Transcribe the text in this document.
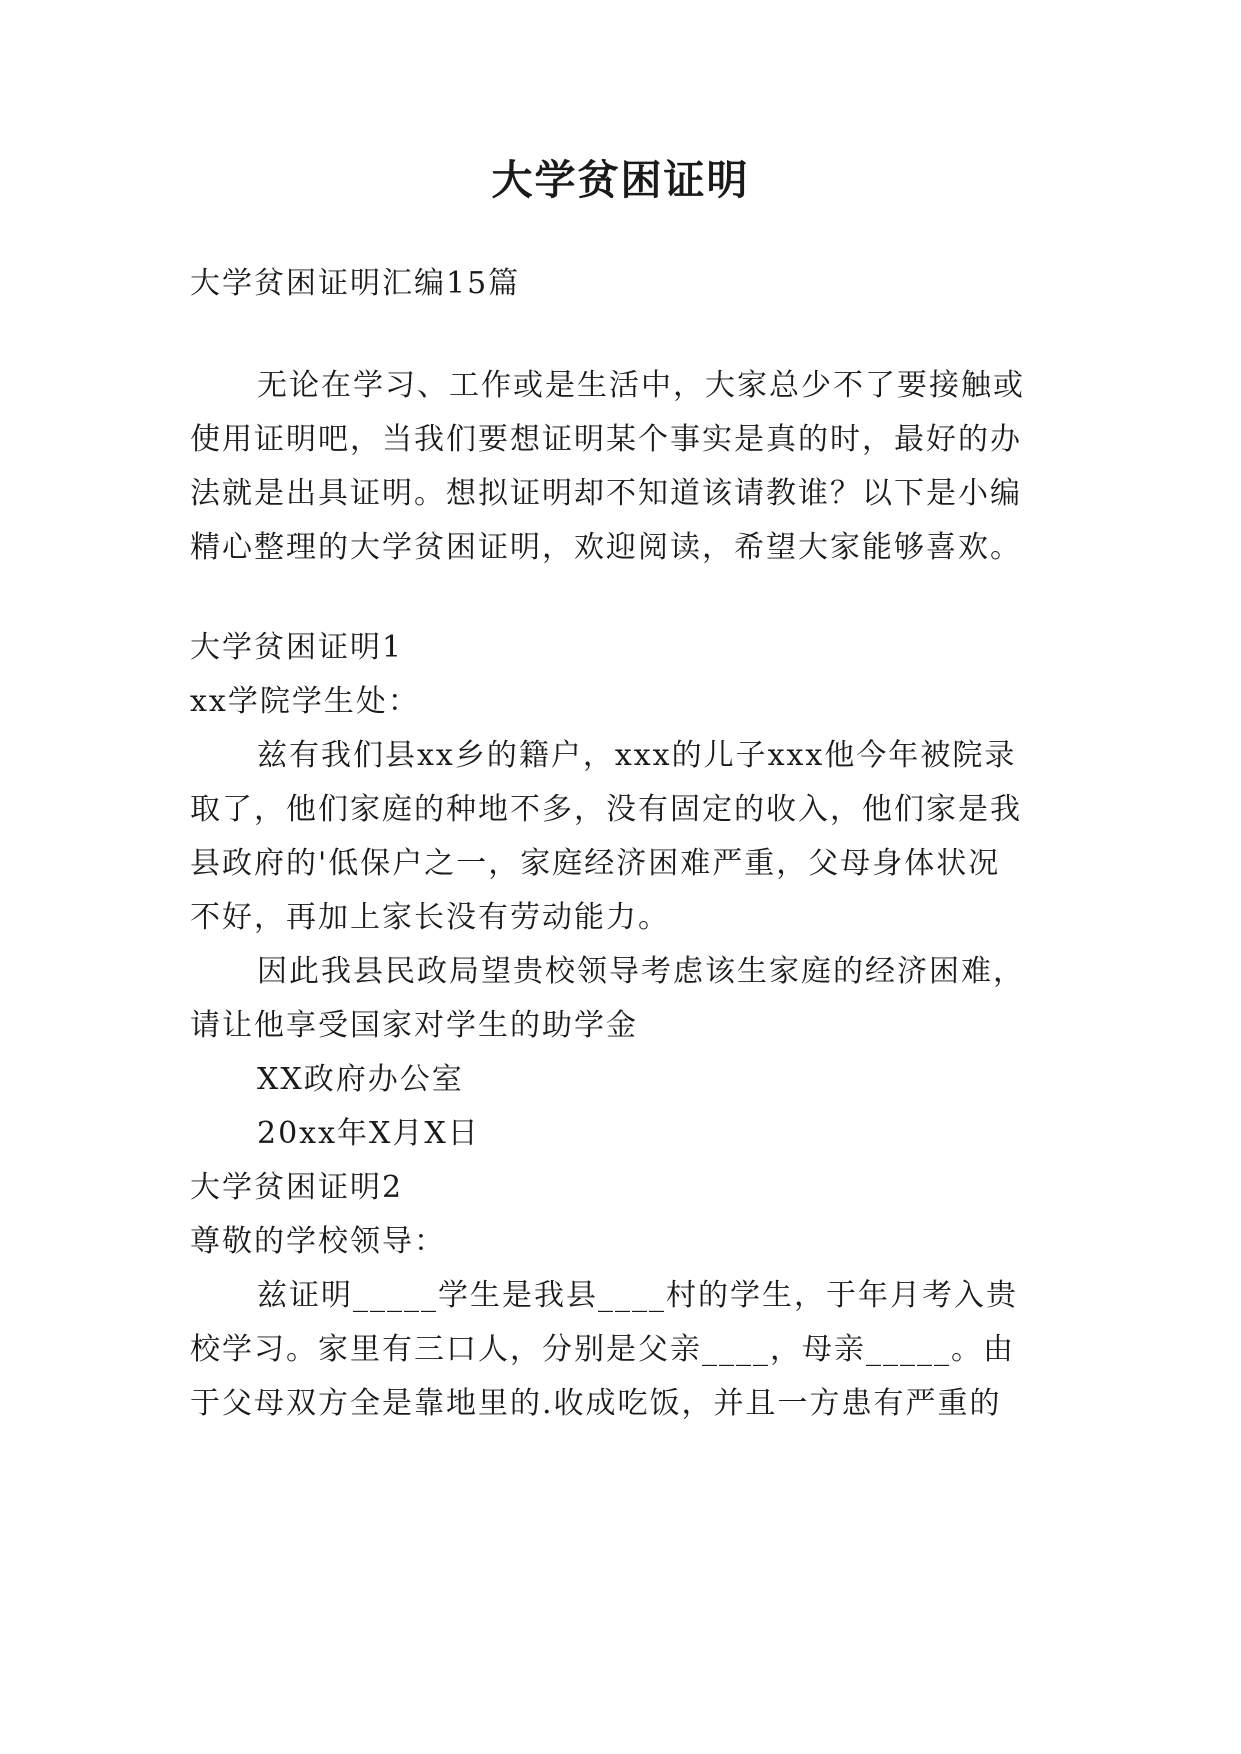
大学贫困证明
大学贫困证明汇编15篇
无论在学习、工作或是生活中，大家总少不了要接触或
使用证明吧，当我们要想证明某个事实是真的时，最好的办
法就是出具证明。想拟证明却不知道该请教谁？以下是小编
精心整理的大学贫困证明，欢迎阅读，希望大家能够喜欢。
大学贫困证明1
xx学院学生处：
兹有我们县xx乡的籍户，xxx的儿子xxx他今年被院录
取了，他们家庭的种地不多，没有固定的收入，他们家是我
县政府的'低保户之一，家庭经济困难严重，父母身体状况
不好，再加上家长没有劳动能力。
因此我县民政局望贵校领导考虑该生家庭的经济困难，
请让他享受国家对学生的助学金
XX政府办公室
20xx年X月X日
大学贫困证明2
尊敬的学校领导：
兹证明_____学生是我县____村的学生，于年月考入贵
校学习。家里有三口人，分别是父亲____，母亲_____。由
于父母双方全是靠地里的.收成吃饭，并且一方患有严重的
